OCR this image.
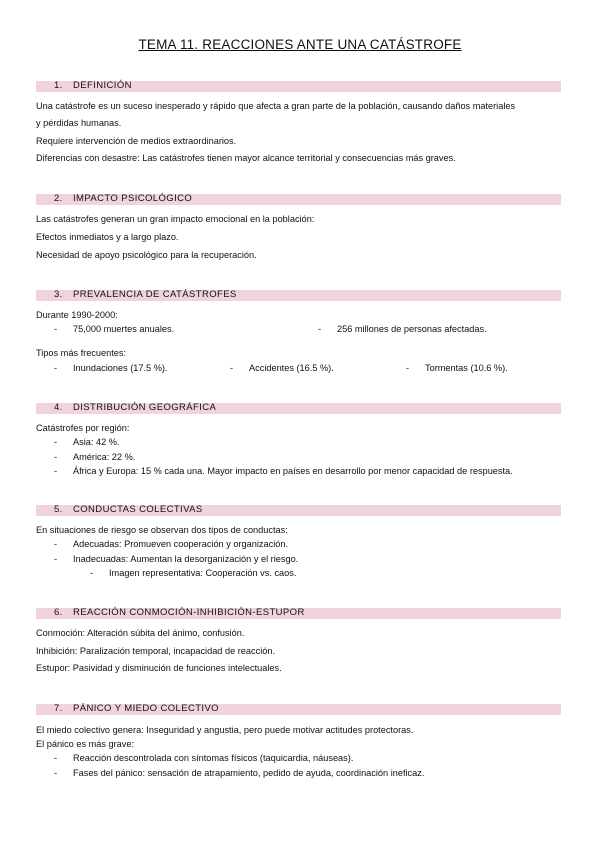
TEMA 11. REACCIONES ANTE UNA CATÁSTROFE
1. DEFINICIÓN
Una catástrofe es un suceso inesperado y rápido que afecta a gran parte de la población, causando daños materiales
y pérdidas humanas.
Requiere intervención de medios extraordinarios.
Diferencias con desastre: Las catástrofes tienen mayor alcance territorial y consecuencias más graves.
2. IMPACTO PSICOLÓGICO
Las catástrofes generan un gran impacto emocional en la población:
Efectos inmediatos y a largo plazo.
Necesidad de apoyo psicológico para la recuperación.
3. PREVALENCIA DE CATÁSTROFES
Durante 1990-2000:
- 75,000 muertes anuales.	- 256 millones de personas afectadas.
Tipos más frecuentes:
- Inundaciones (17.5 %).	- Accidentes (16.5 %).	- Tormentas (10.6 %).
4. DISTRIBUCIÓN GEOGRÁFICA
Catástrofes por región:
- Asia: 42 %.
- América: 22 %.
- África y Europa: 15 % cada una. Mayor impacto en países en desarrollo por menor capacidad de respuesta.
5. CONDUCTAS COLECTIVAS
En situaciones de riesgo se observan dos tipos de conductas:
- Adecuadas: Promueven cooperación y organización.
- Inadecuadas: Aumentan la desorganización y el riesgo.
- Imagen representativa: Cooperación vs. caos.
6. REACCIÓN CONMOCIÓN-INHIBICIÓN-ESTUPOR
Conmoción: Alteración súbita del ánimo, confusión.
Inhibición: Paralización temporal, incapacidad de reacción.
Estupor: Pasividad y disminución de funciones intelectuales.
7. PÁNICO Y MIEDO COLECTIVO
El miedo colectivo genera: Inseguridad y angustia, pero puede motivar actitudes protectoras.
El pánico es más grave:
- Reacción descontrolada con síntomas físicos (taquicardia, náuseas).
- Fases del pánico: sensación de atrapamiento, pedido de ayuda, coordinación ineficaz.
